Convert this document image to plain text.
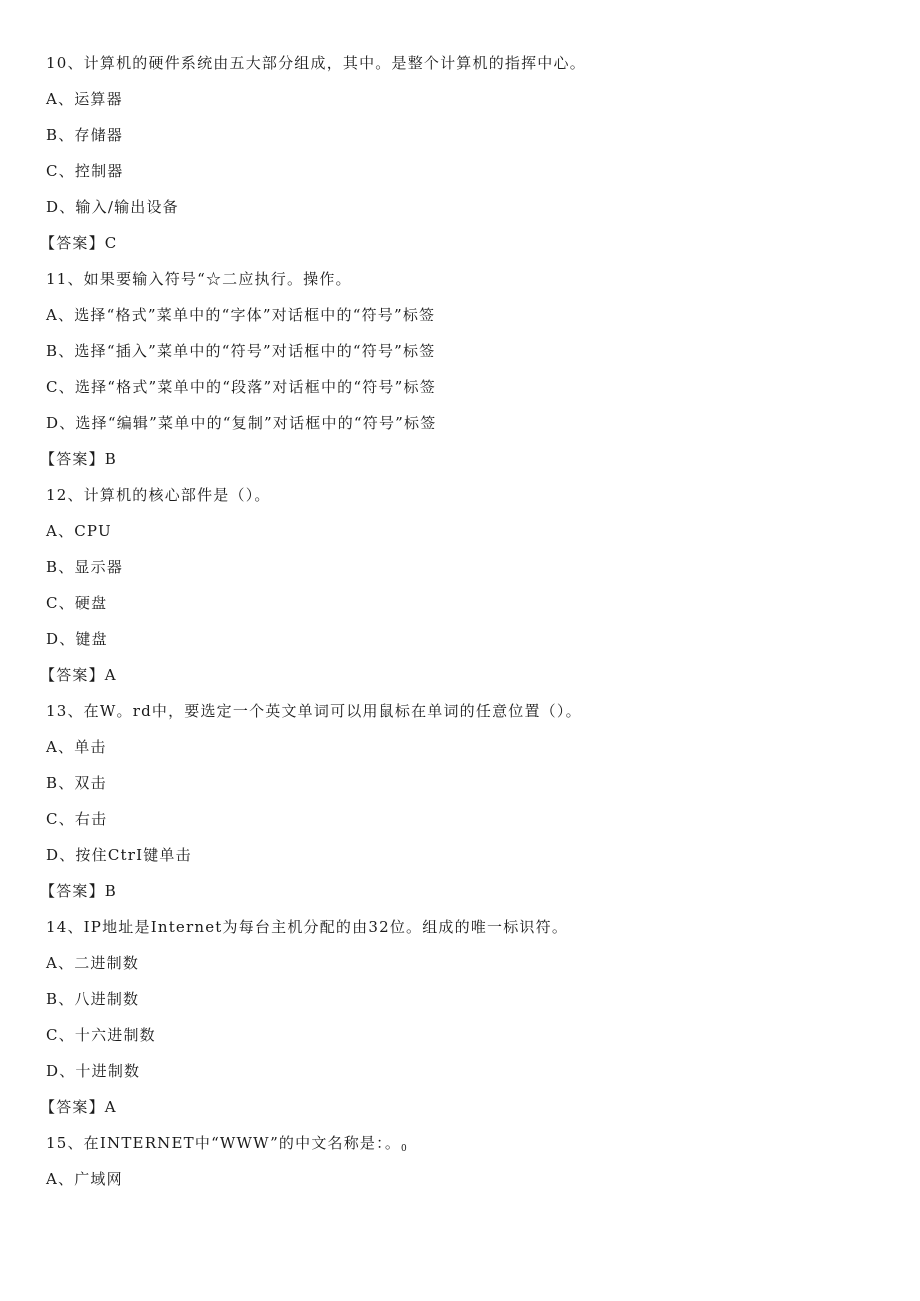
10、计算机的硬件系统由五大部分组成，其中。是整个计算机的指挥中心。
A、运算器
B、存储器
C、控制器
D、输入/输出设备
【答案】C
11、如果要输入符号“☆二应执行。操作。
A、选择“格式”菜单中的“字体”对话框中的“符号”标签
B、选择“插入”菜单中的“符号”对话框中的“符号”标签
C、选择“格式”菜单中的“段落”对话框中的“符号”标签
D、选择“编辑”菜单中的“复制”对话框中的“符号”标签
【答案】B
12、计算机的核心部件是（）。
A、CPU
B、显示器
C、硬盘
D、键盘
【答案】A
13、在W。rd中，要选定一个英文单词可以用鼠标在单词的任意位置（）。
A、单击
B、双击
C、右击
D、按住CtrI键单击
【答案】B
14、IP地址是Internet为每台主机分配的由32位。组成的唯一标识符。
A、二进制数
B、八进制数
C、十六进制数
D、十进制数
【答案】A
15、在INTERNET中“WWW”的中文名称是：。$_0$
A、广域网
